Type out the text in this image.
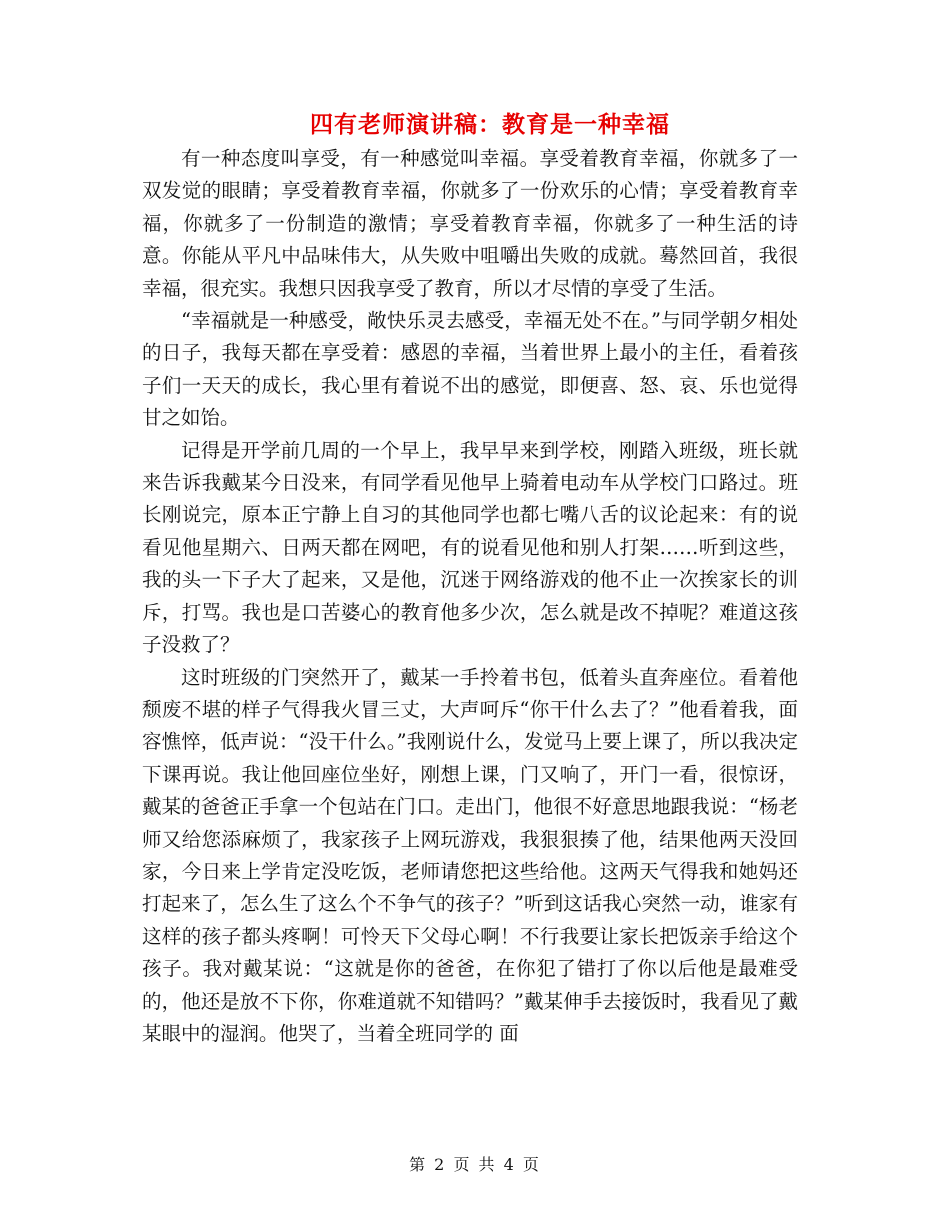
四有老师演讲稿：教育是一种幸福

有一种态度叫享受，有一种感觉叫幸福。享受着教育幸福，你就多了一双发觉的眼睛；享受着教育幸福，你就多了一份欢乐的心情；享受着教育幸福，你就多了一份制造的激情；享受着教育幸福，你就多了一种生活的诗意。你能从平凡中品味伟大，从失败中咀嚼出失败的成就。蓦然回首，我很幸福，很充实。我想只因我享受了教育，所以才尽情的享受了生活。

“幸福就是一种感受，敞快乐灵去感受，幸福无处不在。”与同学朝夕相处的日子，我每天都在享受着：感恩的幸福，当着世界上最小的主任，看着孩子们一天天的成长，我心里有着说不出的感觉，即便喜、怒、哀、乐也觉得甘之如饴。

记得是开学前几周的一个早上，我早早来到学校，刚踏入班级，班长就来告诉我戴某今日没来，有同学看见他早上骑着电动车从学校门口路过。班长刚说完，原本正宁静上自习的其他同学也都七嘴八舌的议论起来：有的说看见他星期六、日两天都在网吧，有的说看见他和别人打架……听到这些，我的头一下子大了起来，又是他，沉迷于网络游戏的他不止一次挨家长的训斥，打骂。我也是口苦婆心的教育他多少次，怎么就是改不掉呢？难道这孩子没救了？

这时班级的门突然开了，戴某一手拎着书包，低着头直奔座位。看着他颓废不堪的样子气得我火冒三丈，大声呵斥“你干什么去了？”他看着我，面容憔悴，低声说：“没干什么。”我刚说什么，发觉马上要上课了，所以我决定下课再说。我让他回座位坐好，刚想上课，门又响了，开门一看，很惊讶，戴某的爸爸正手拿一个包站在门口。走出门，他很不好意思地跟我说：“杨老师又给您添麻烦了，我家孩子上网玩游戏，我狠狠揍了他，结果他两天没回家，今日来上学肯定没吃饭，老师请您把这些给他。这两天气得我和她妈还打起来了，怎么生了这么个不争气的孩子？”听到这话我心突然一动，谁家有这样的孩子都头疼啊！可怜天下父母心啊！不行我要让家长把饭亲手给这个孩子。我对戴某说：“这就是你的爸爸，在你犯了错打了你以后他是最难受的，他还是放不下你，你难道就不知错吗？”戴某伸手去接饭时，我看见了戴某眼中的湿润。他哭了，当着全班同学的 面

第 2 页 共 4 页
